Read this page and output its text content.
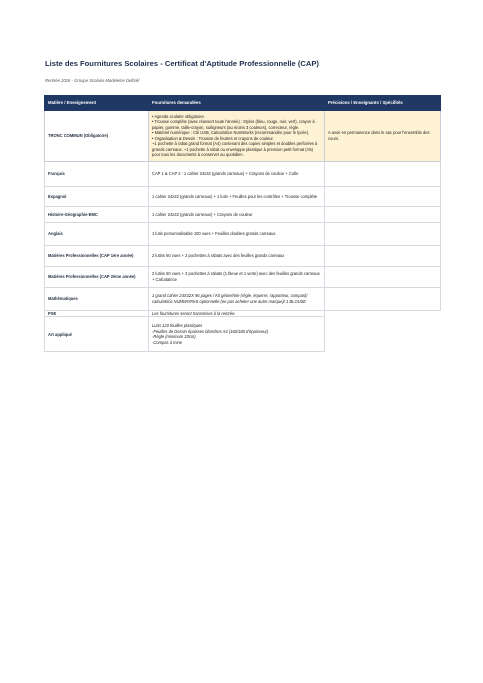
Liste des Fournitures Scolaires - Certificat d'Aptitude Professionnelle (CAP)
Rentrée 2026 - Groupe Scolaire Madeleine Delbrêl
Matière / Enseignement	Fournitures demandées	Précisions / Enseignants / Spécifités
TRONC COMMUN (Obligatoire)	• Agenda scolaire obligatoire.
• Trousse complète (avec réassort toute l'année) : Stylos (bleu, rouge, noir, vert), crayon à papier, gomme, taille-crayon, surligneurs (au moins 3 couleurs), correcteur, règle.
• Matériel numérique : Clé USB, Calculatrice NumWorks (recommandée pour le lycée).
• Organisation & Dessin : Trousse de feutres et crayons de couleur.
~1 pochette à rabat grand format (A4) contenant des copies simples et doubles perforées à grands carreaux. ~1 pochette à rabat ou enveloppe plastique à pression petit format (A5) pour tous les documents à conserver au quotidien.	A avoir en permanence dans le sac pour l'ensemble des cours.
Français	CAP 1 & CAP 2 : 1 cahier 24x32 (grands carreaux) + Crayons de couleur + Colle	
Espagnol	1 cahier 24x32 (grands carreaux) + 1 lutin + Feuilles pour les contrôles + Trousse complète	
Histoire-Géographie-EMC	1 cahier 24x32 (grands carreaux) + Crayons de couleur	
Anglais	1 lutin personnalisable 100 vues + Feuilles doubles grands carreaux	
Matières Professionnelles (CAP 1ère année)	2 lutins 60 vues + 2 pochettes à rabats avec des feuilles grands carreaux	
Matières Professionnelles (CAP 2ème année)	2 lutins 60 vues + 2 pochettes à rabats (1 bleue et 1 verte) avec des feuilles grands carreaux + Calculatrice	
Mathématiques	1 grand cahier 24X32X 96 pages / Kit géométrie (règle, équerre, rapporteur, compas)/ calculatrice NUMWORKS optionnelle (ne pas acheter une autre marque)/ 1 BLOUSE	
PSE	Les fournitures seront transmises à la rentrée.	
Art appliqué	Lutin 120 feuilles plastiques
-Feuilles de Dessin épaisses blanches A4 (160/180 d'épaisseur)
-Règle (minimum 20cm)
-Compas à mine	
